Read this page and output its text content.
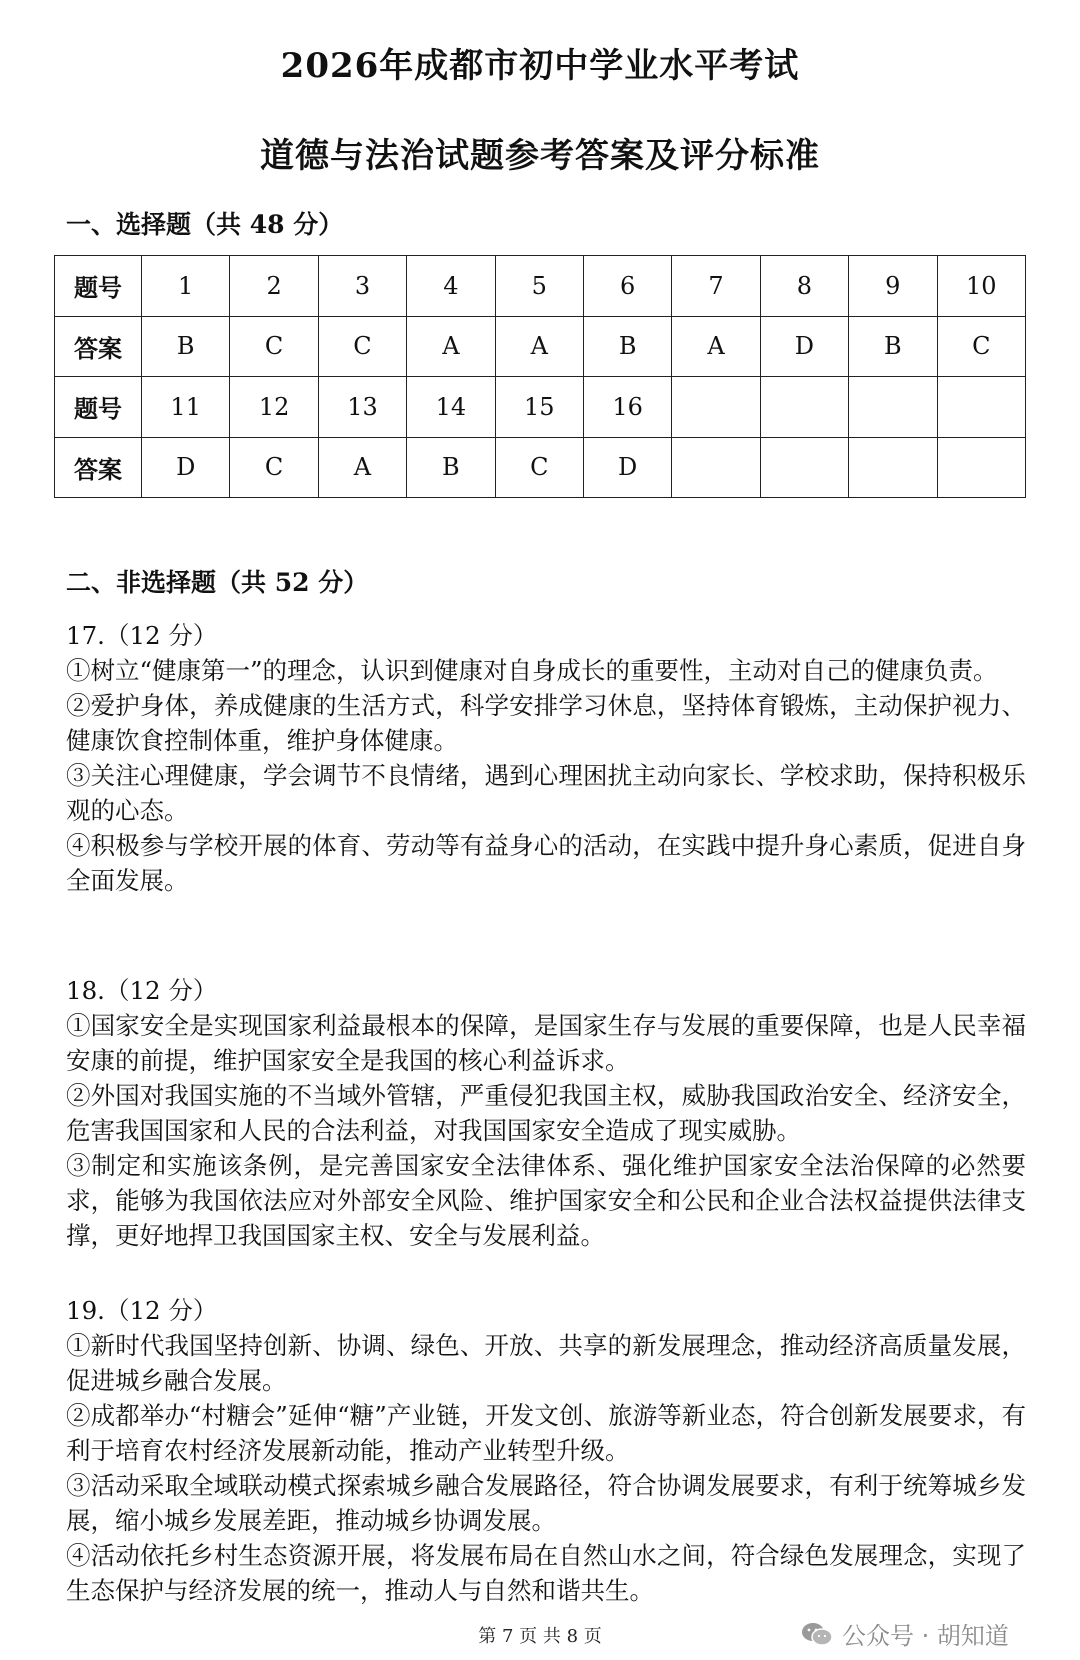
2026年成都市初中学业水平考试
道德与法治试题参考答案及评分标准
一、选择题（共 48 分）
题号	1	2	3	4	5	6	7	8	9	10
答案	B	C	C	A	A	B	A	D	B	C
题号	11	12	13	14	15	16				
答案	D	C	A	B	C	D				
二、非选择题（共 52 分）
17.（12 分）

①树立“健康第一”的理念，认识到健康对自身成长的重要性，主动对自己的健康负责。

②爱护身体，养成健康的生活方式，科学安排学习休息，坚持体育锻炼，主动保护视力、健康饮食控制体重，维护身体健康。

③关注心理健康，学会调节不良情绪，遇到心理困扰主动向家长、学校求助，保持积极乐观的心态。

④积极参与学校开展的体育、劳动等有益身心的活动，在实践中提升身心素质，促进自身全面发展。

18.（12 分）

①国家安全是实现国家利益最根本的保障，是国家生存与发展的重要保障，也是人民幸福安康的前提，维护国家安全是我国的核心利益诉求。

②外国对我国实施的不当域外管辖，严重侵犯我国主权，威胁我国政治安全、经济安全，危害我国国家和人民的合法利益，对我国国家安全造成了现实威胁。

③制定和实施该条例，是完善国家安全法律体系、强化维护国家安全法治保障的必然要求，能够为我国依法应对外部安全风险、维护国家安全和公民和企业合法权益提供法律支撑，更好地捍卫我国国家主权、安全与发展利益。

19.（12 分）

①新时代我国坚持创新、协调、绿色、开放、共享的新发展理念，推动经济高质量发展，促进城乡融合发展。

②成都举办“村糖会”延伸“糖”产业链，开发文创、旅游等新业态，符合创新发展要求，有利于培育农村经济发展新动能，推动产业转型升级。

③活动采取全域联动模式探索城乡融合发展路径，符合协调发展要求，有利于统筹城乡发展，缩小城乡发展差距，推动城乡协调发展。

④活动依托乡村生态资源开展，将发展布局在自然山水之间，符合绿色发展理念，实现了生态保护与经济发展的统一，推动人与自然和谐共生。

第 7 页 共 8 页	公众号 · 胡知道
